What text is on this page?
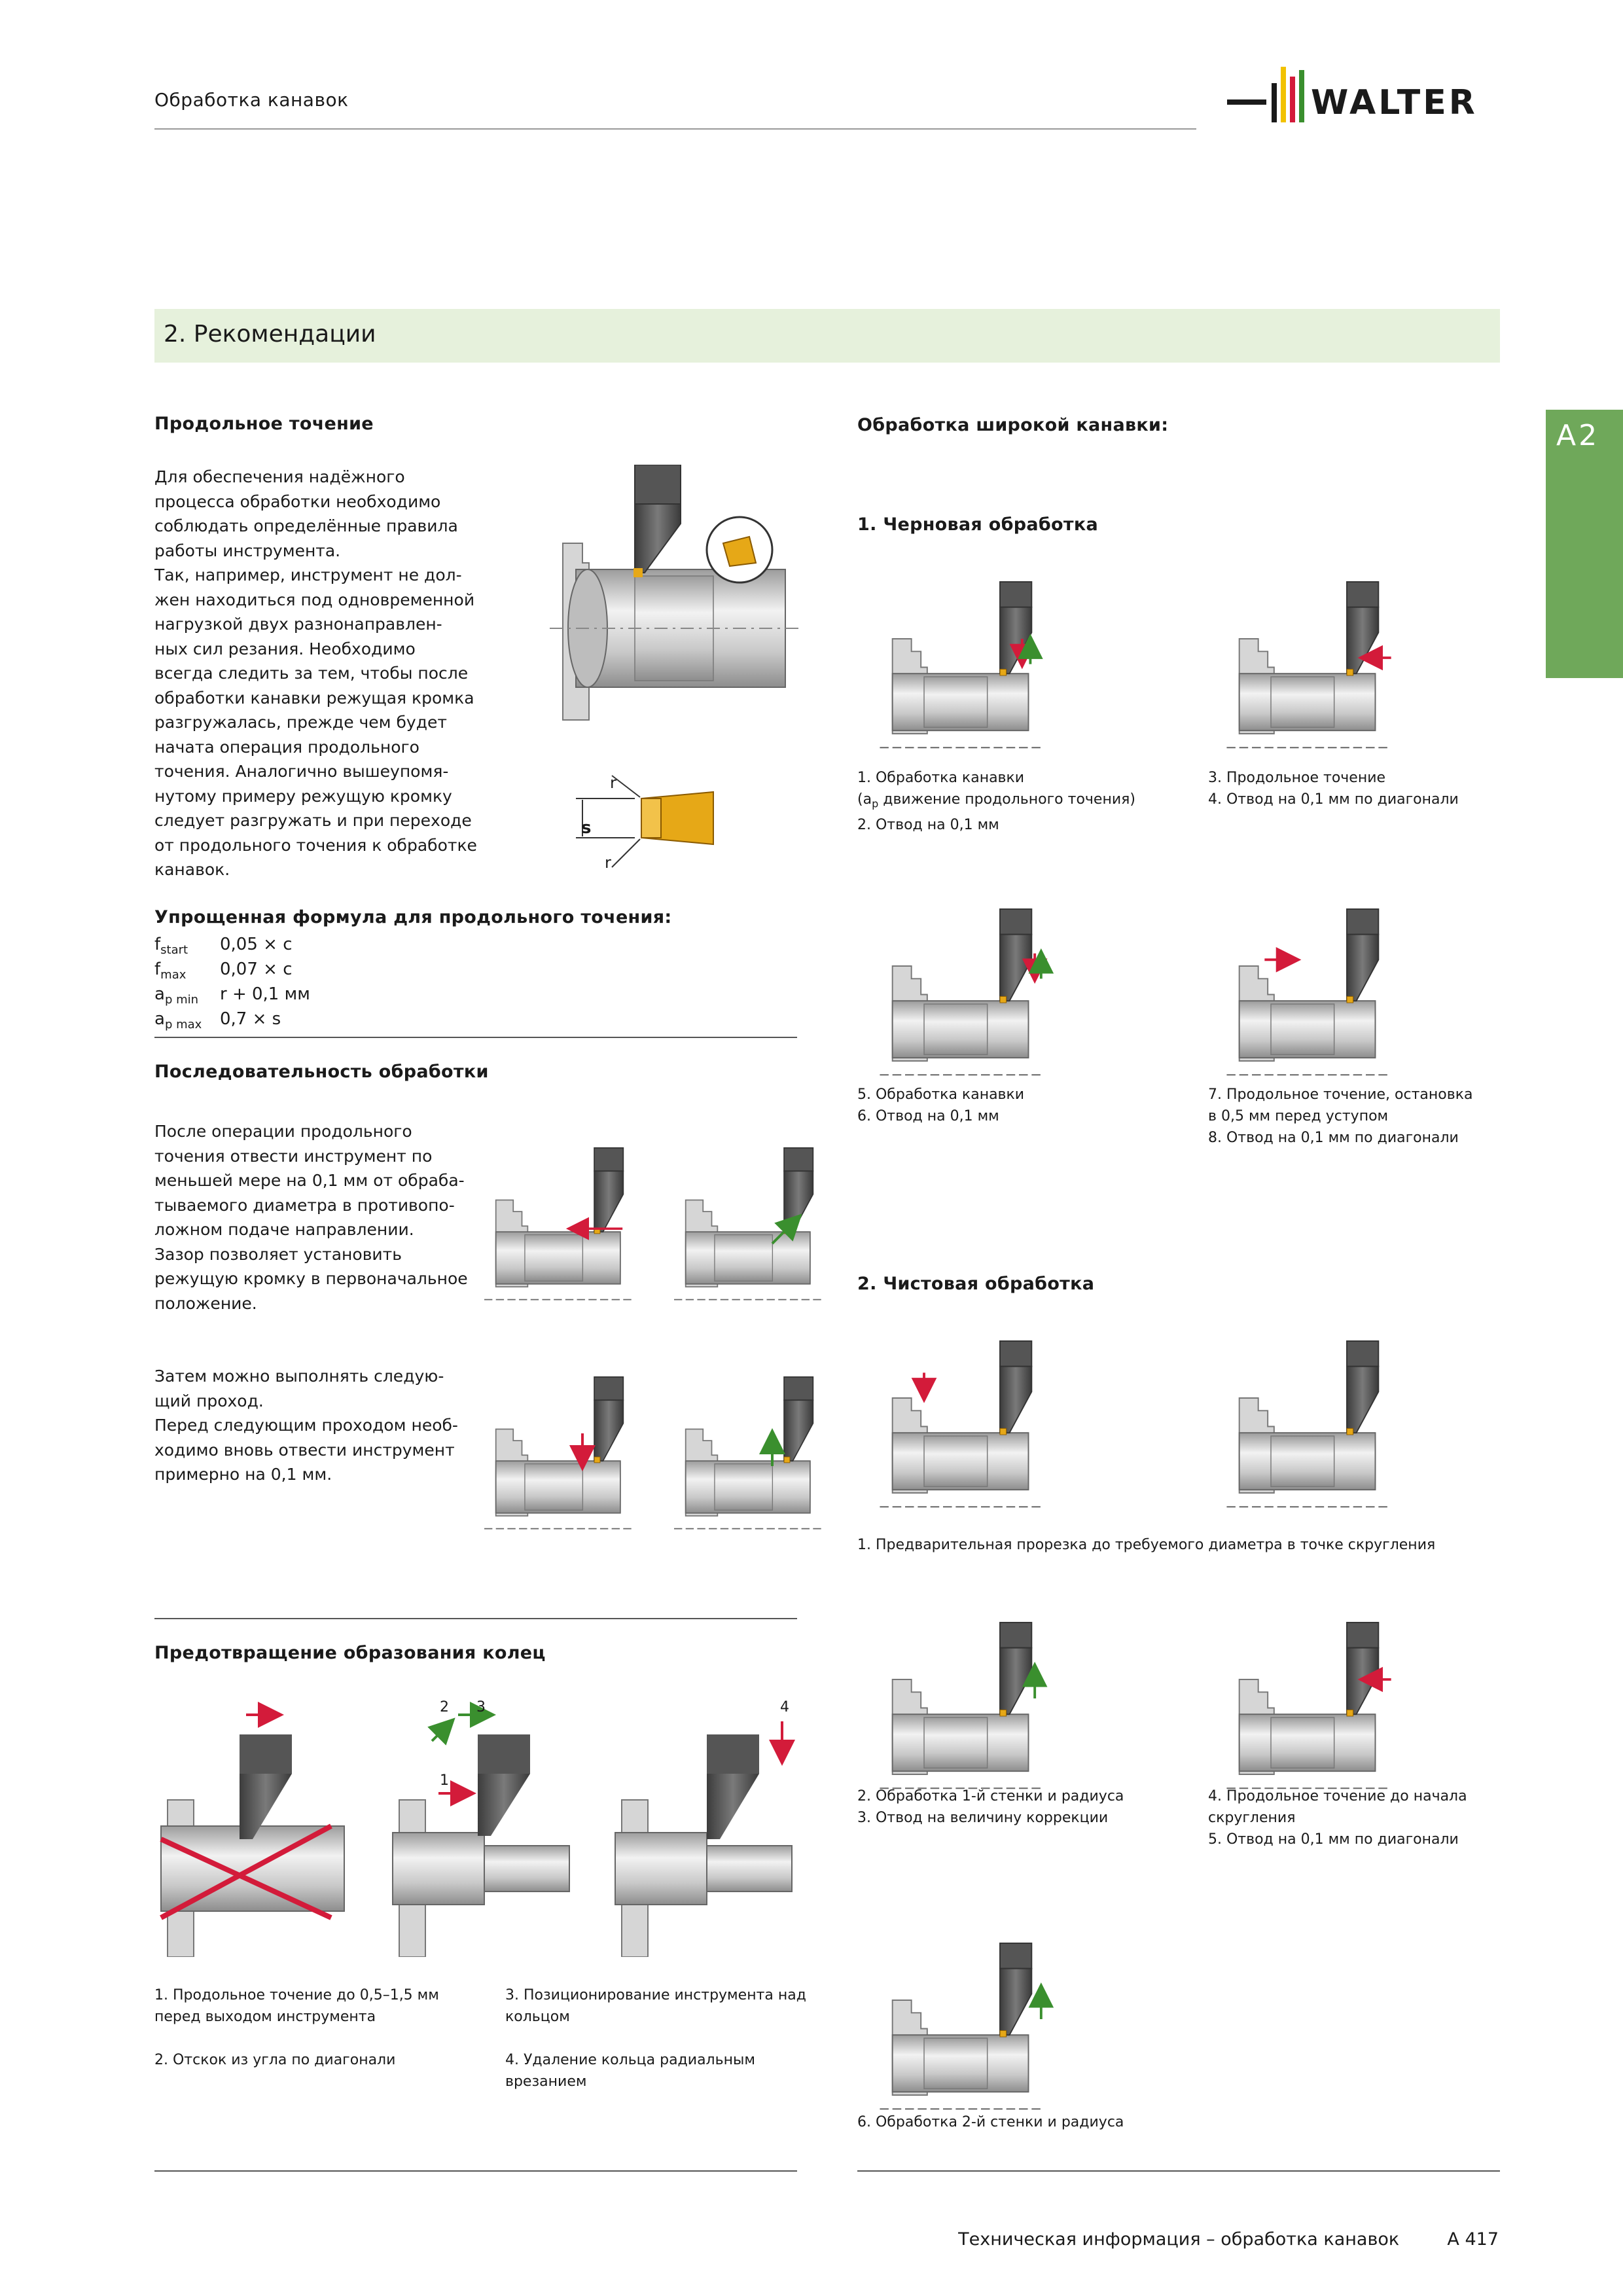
Обработка канавок	WALTER
2. Рекомендации
A2
Продольное точение
Для обеспечения надёжного
процесса обработки необходимо
соблюдать определённые правила
работы инструмента.
Так, например, инструмент не дол-
жен находиться под одновременной
нагрузкой двух разнонаправлен-
ных сил резания. Необходимо
всегда следить за тем, чтобы после
обработки канавки режущая кромка
разгружалась, прежде чем будет
начата операция продольного
точения. Аналогично вышеупомя-
нутому примеру режущую кромку
следует разгружать и при переходе
от продольного точения к обработке
канавок.
r
s
r
Упрощенная формула для продольного точения:
$f_{start}$ 0,05 × c
$f_{max}$ 0,07 × c
$a_{p min}$ r + 0,1 мм
$a_{p max}$ 0,7 × s
Последовательность обработки
После операции продольного
точения отвести инструмент по
меньшей мере на 0,1 мм от обраба-
тываемого диаметра в противопо-
ложном подаче направлении.
Зазор позволяет установить
режущую кромку в первоначальное
положение.
Затем можно выполнять следую-
щий проход.
Перед следующим проходом необ-
ходимо вновь отвести инструмент
примерно на 0,1 мм.
Предотвращение образования колец
2 3
1
4
1. Продольное точение до 0,5–1,5 мм
перед выходом инструмента

2. Отскок из угла по диагонали
3. Позиционирование инструмента над
кольцом

4. Удаление кольца радиальным
врезанием
Обработка широкой канавки:
1. Черновая обработка
1. Обработка канавки
($a_p$ движение продольного точения)
2. Отвод на 0,1 мм
3. Продольное точение
4. Отвод на 0,1 мм по диагонали
5. Обработка канавки
6. Отвод на 0,1 мм
7. Продольное точение, остановка
в 0,5 мм перед уступом
8. Отвод на 0,1 мм по диагонали
2. Чистовая обработка
1. Предварительная прорезка до требуемого диаметра в точке скругления
2. Обработка 1-й стенки и радиуса
3. Отвод на величину коррекции
4. Продольное точение до начала
скругления
5. Отвод на 0,1 мм по диагонали
6. Обработка 2-й стенки и радиуса
Техническая информация – обработка канавок	A 417
